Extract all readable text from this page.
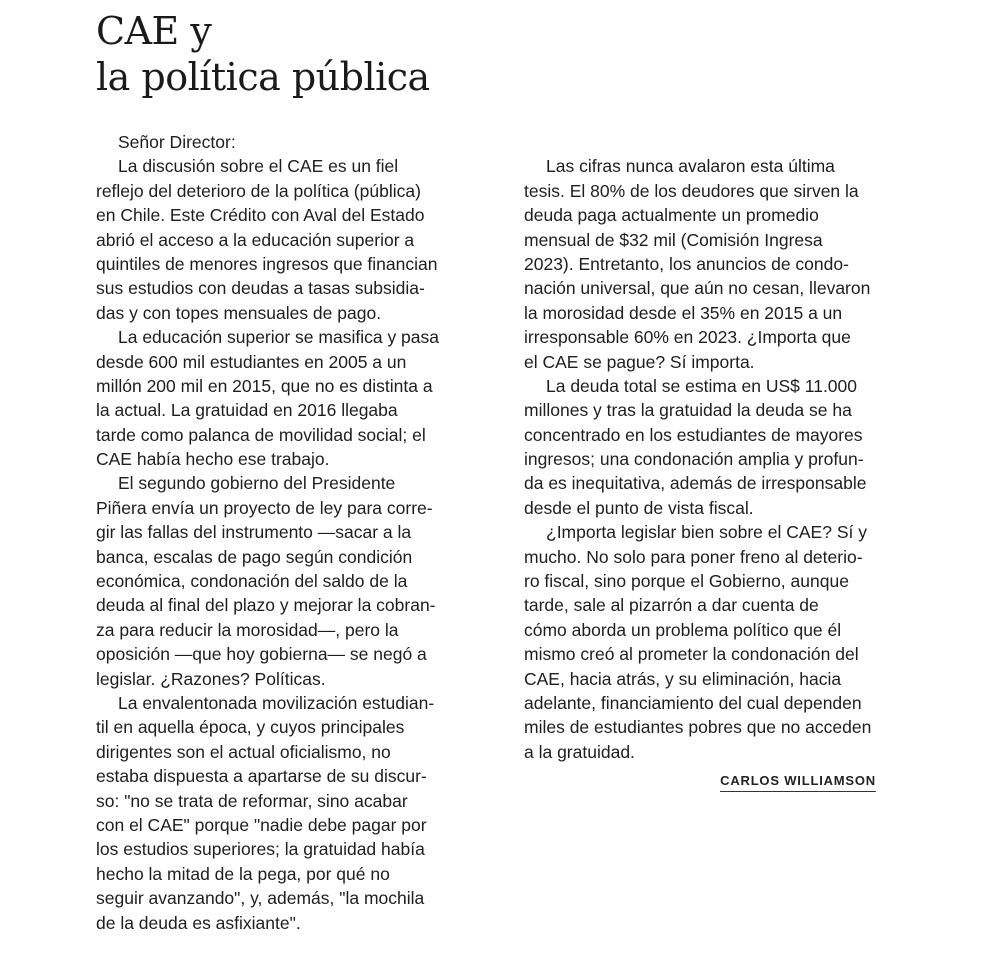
CAE y
la política pública
Señor Director:
La discusión sobre el CAE es un fiel
reflejo del deterioro de la política (pública)
en Chile. Este Crédito con Aval del Estado
abrió el acceso a la educación superior a
quintiles de menores ingresos que financian
sus estudios con deudas a tasas subsidia-
das y con topes mensuales de pago.
La educación superior se masifica y pasa
desde 600 mil estudiantes en 2005 a un
millón 200 mil en 2015, que no es distinta a
la actual. La gratuidad en 2016 llegaba
tarde como palanca de movilidad social; el
CAE había hecho ese trabajo.
El segundo gobierno del Presidente
Piñera envía un proyecto de ley para corre-
gir las fallas del instrumento —sacar a la
banca, escalas de pago según condición
económica, condonación del saldo de la
deuda al final del plazo y mejorar la cobran-
za para reducir la morosidad—, pero la
oposición —que hoy gobierna— se negó a
legislar. ¿Razones? Políticas.
La envalentonada movilización estudian-
til en aquella época, y cuyos principales
dirigentes son el actual oficialismo, no
estaba dispuesta a apartarse de su discur-
so: "no se trata de reformar, sino acabar
con el CAE" porque "nadie debe pagar por
los estudios superiores; la gratuidad había
hecho la mitad de la pega, por qué no
seguir avanzando", y, además, "la mochila
de la deuda es asfixiante".
Las cifras nunca avalaron esta última
tesis. El 80% de los deudores que sirven la
deuda paga actualmente un promedio
mensual de $32 mil (Comisión Ingresa
2023). Entretanto, los anuncios de condo-
nación universal, que aún no cesan, llevaron
la morosidad desde el 35% en 2015 a un
irresponsable 60% en 2023. ¿Importa que
el CAE se pague? Sí importa.
La deuda total se estima en US$ 11.000
millones y tras la gratuidad la deuda se ha
concentrado en los estudiantes de mayores
ingresos; una condonación amplia y profun-
da es inequitativa, además de irresponsable
desde el punto de vista fiscal.
¿Importa legislar bien sobre el CAE? Sí y
mucho. No solo para poner freno al deterio-
ro fiscal, sino porque el Gobierno, aunque
tarde, sale al pizarrón a dar cuenta de
cómo aborda un problema político que él
mismo creó al prometer la condonación del
CAE, hacia atrás, y su eliminación, hacia
adelante, financiamiento del cual dependen
miles de estudiantes pobres que no acceden
a la gratuidad.
CARLOS WILLIAMSON
